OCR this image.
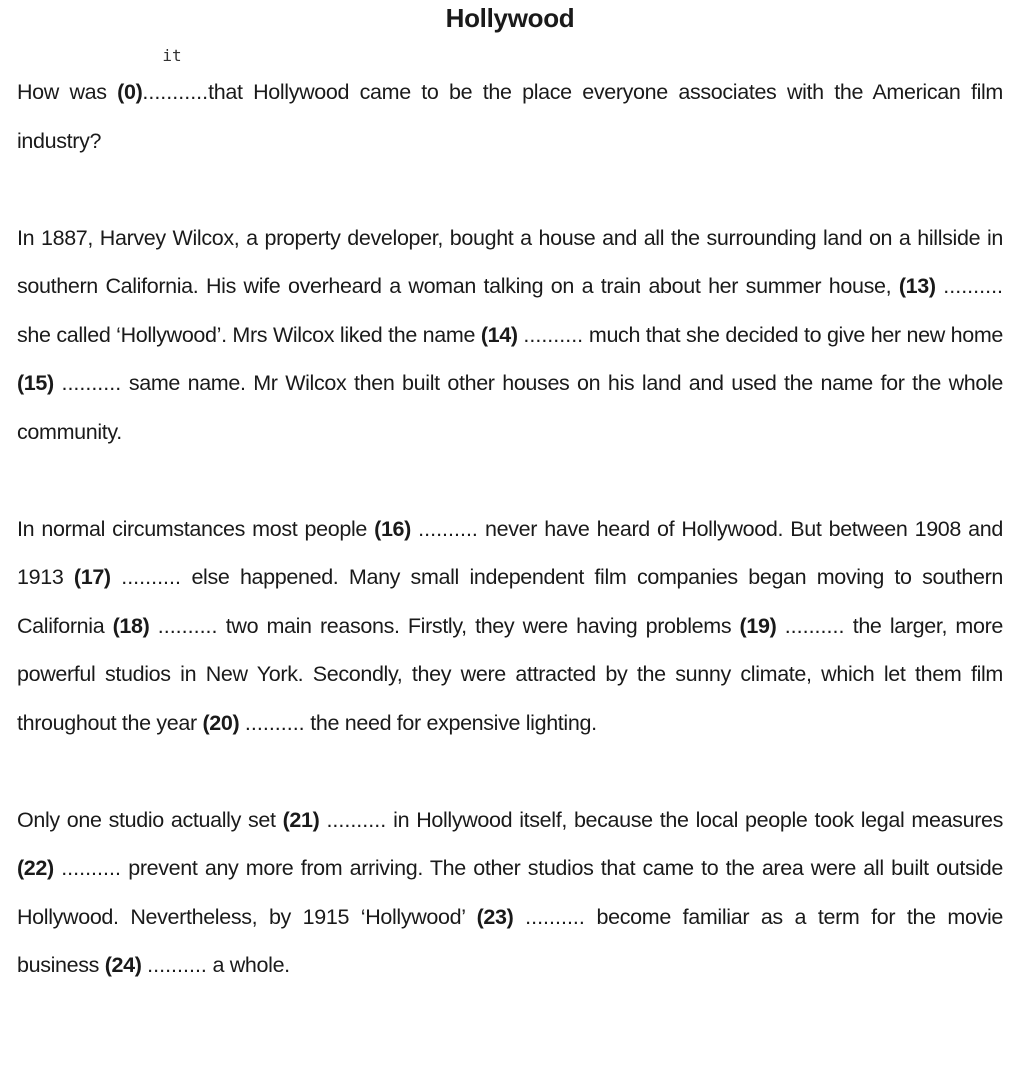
Hollywood

How was (0)....
it
.......that Hollywood came to be the place everyone associates with the American film industry?

In 1887, Harvey Wilcox, a property developer, bought a house and all the surrounding land on a hillside in southern California. His wife overheard a woman talking on a train about her summer house, (13) .......... she called ‘Hollywood’. Mrs Wilcox liked the name (14) .......... much that she decided to give her new home (15) .......... same name. Mr Wilcox then built other houses on his land and used the name for the whole community.

In normal circumstances most people (16) .......... never have heard of Hollywood. But between 1908 and 1913 (17) .......... else happened. Many small independent film companies began moving to southern California (18) .......... two main reasons. Firstly, they were having problems (19) .......... the larger, more powerful studios in New York. Secondly, they were attracted by the sunny climate, which let them film throughout the year (20) .......... the need for expensive lighting.

Only one studio actually set (21) .......... in Hollywood itself, because the local people took legal measures (22) .......... prevent any more from arriving. The other studios that came to the area were all built outside Hollywood. Nevertheless, by 1915 ‘Hollywood’ (23) .......... become familiar as a term for the movie business (24) .......... a whole.
